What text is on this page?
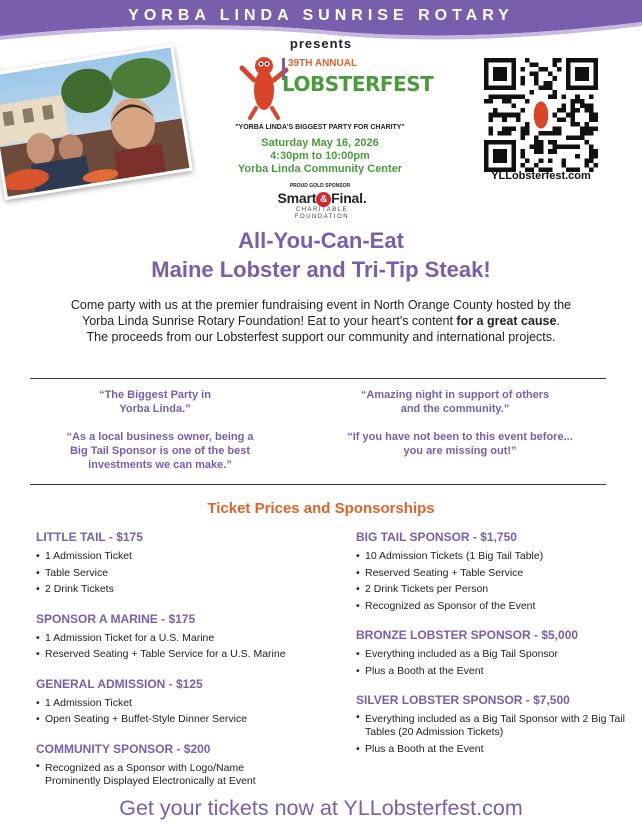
YORBA LINDA SUNRISE ROTARY
presents
39TH ANNUAL
LOBSTERFEST
"YORBA LINDA'S BIGGEST PARTY FOR CHARITY"
Saturday May 16, 2026
4:30pm to 10:00pm
Yorba Linda Community Center
PROUD GOLD SPONSOR
Smart & Final.
CHARITABLE
FOUNDATION
YLLobsterfest.com
All-You-Can-Eat
Maine Lobster and Tri-Tip Steak!
Come party with us at the premier fundraising event in North Orange County hosted by the Yorba Linda Sunrise Rotary Foundation! Eat to your heart's content for a great cause. The proceeds from our Lobsterfest support our community and international projects.
“The Biggest Party in
Yorba Linda.”
“Amazing night in support of others
and the community.”
“As a local business owner, being a
Big Tail Sponsor is one of the best
investments we can make.”
“If you have not been to this event before...
you are missing out!”
Ticket Prices and Sponsorships
LITTLE TAIL - $175
• 1 Admission Ticket
• Table Service
• 2 Drink Tickets
SPONSOR A MARINE - $175
• 1 Admission Ticket for a U.S. Marine
• Reserved Seating + Table Service for a U.S. Marine
GENERAL ADMISSION - $125
• 1 Admission Ticket
• Open Seating + Buffet-Style Dinner Service
COMMUNITY SPONSOR - $200
• Recognized as a Sponsor with Logo/Name Prominently Displayed Electronically at Event
BIG TAIL SPONSOR - $1,750
• 10 Admission Tickets (1 Big Tail Table)
• Reserved Seating + Table Service
• 2 Drink Tickets per Person
• Recognized as Sponsor of the Event
BRONZE LOBSTER SPONSOR - $5,000
• Everything included as a Big Tail Sponsor
• Plus a Booth at the Event
SILVER LOBSTER SPONSOR - $7,500
• Everything included as a Big Tail Sponsor with 2 Big Tail Tables (20 Admission Tickets)
• Plus a Booth at the Event
Get your tickets now at YLLobsterfest.com
